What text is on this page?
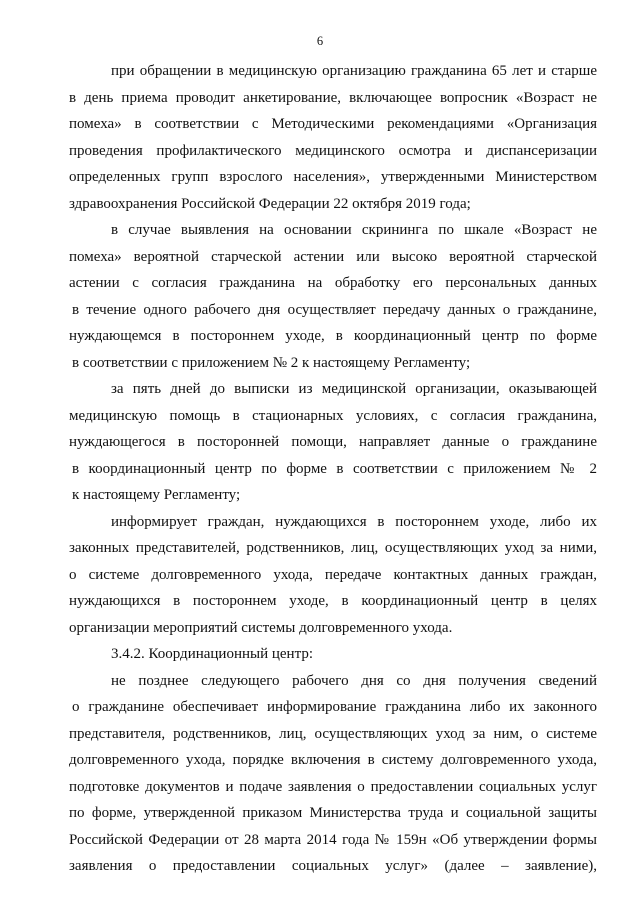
6
при обращении в медицинскую организацию гражданина 65 лет и старше
в день приема проводит анкетирование, включающее вопросник «Возраст не
помеха» в соответствии с Методическими рекомендациями «Организация
проведения профилактического медицинского осмотра и диспансеризации
определенных групп взрослого населения», утвержденными Министерством
здравоохранения Российской Федерации 22 октября 2019 года;
в случае выявления на основании скрининга по шкале «Возраст не
помеха» вероятной старческой астении или высоко вероятной старческой
астении с согласия гражданина на обработку его персональных данных
в течение одного рабочего дня осуществляет передачу данных о гражданине,
нуждающемся в постороннем уходе, в координационный центр по форме
в соответствии с приложением № 2 к настоящему Регламенту;
за пять дней до выписки из медицинской организации, оказывающей
медицинскую помощь в стационарных условиях, с согласия гражданина,
нуждающегося в посторонней помощи, направляет данные о гражданине
в координационный центр по форме в соответствии с приложением № 2
к настоящему Регламенту;
информирует граждан, нуждающихся в постороннем уходе, либо их
законных представителей, родственников, лиц, осуществляющих уход за ними,
о системе долговременного ухода, передаче контактных данных граждан,
нуждающихся в постороннем уходе, в координационный центр в целях
организации мероприятий системы долговременного ухода.
3.4.2. Координационный центр:
не позднее следующего рабочего дня со дня получения сведений
о гражданине обеспечивает информирование гражданина либо их законного
представителя, родственников, лиц, осуществляющих уход за ним, о системе
долговременного ухода, порядке включения в систему долговременного ухода,
подготовке документов и подаче заявления о предоставлении социальных услуг
по форме, утвержденной приказом Министерства труда и социальной защиты
Российской Федерации от 28 марта 2014 года № 159н «Об утверждении формы
заявления о предоставлении социальных услуг» (далее – заявление),
